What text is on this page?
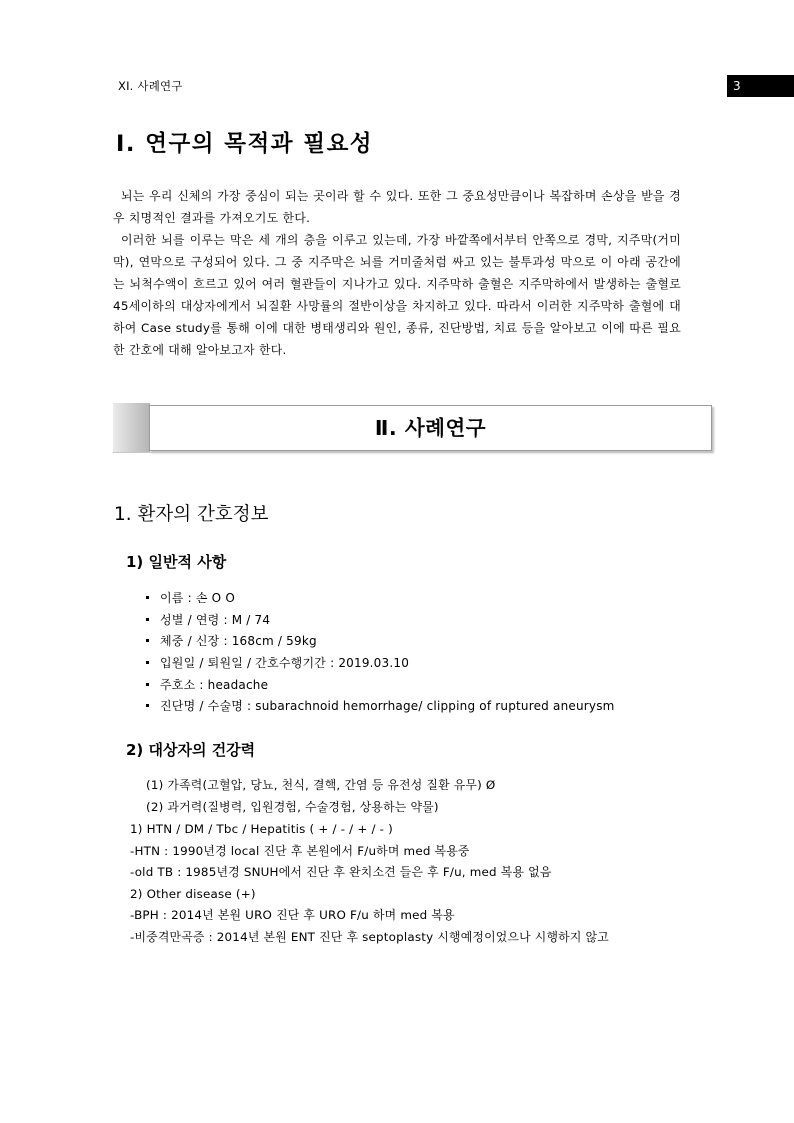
XI. 사례연구	3
Ⅰ. 연구의 목적과 필요성
뇌는 우리 신체의 가장 중심이 되는 곳이라 할 수 있다. 또한 그 중요성만큼이나 복잡하며 손상을 받을 경우 치명적인 결과를 가져오기도 한다.
이러한 뇌를 이루는 막은 세 개의 층을 이루고 있는데, 가장 바깥쪽에서부터 안쪽으로 경막, 지주막(거미막), 연막으로 구성되어 있다. 그 중 지주막은 뇌를 거미줄처럼 싸고 있는 불투과성 막으로 이 아래 공간에는 뇌척수액이 흐르고 있어 여러 혈관들이 지나가고 있다. 지주막하 출혈은 지주막하에서 발생하는 출혈로 45세이하의 대상자에게서 뇌질환 사망률의 절반이상을 차지하고 있다. 따라서 이러한 지주막하 출혈에 대하여 Case study를 통해 이에 대한 병태생리와 원인, 종류, 진단방법, 치료 등을 알아보고 이에 따른 필요한 간호에 대해 알아보고자 한다.
Ⅱ. 사례연구
1. 환자의 간호정보
1) 일반적 사항
이름 : 손 O O
성별 / 연령 : M / 74
체중 / 신장 : 168cm / 59kg
입원일 / 퇴원일 / 간호수행기간 : 2019.03.10
주호소 : headache
진단명 / 수술명 : subarachnoid hemorrhage/ clipping of ruptured aneurysm
2) 대상자의 건강력
(1) 가족력(고혈압, 당뇨, 천식, 결핵, 간염 등 유전성 질환 유무) Ø
(2) 과거력(질병력, 입원경험, 수술경험, 상용하는 약물)
1) HTN / DM / Tbc / Hepatitis ( + / - / + / - )
-HTN : 1990년경 local 진단 후 본원에서 F/u하며 med 복용중
-old TB : 1985년경 SNUH에서 진단 후 완치소견 들은 후 F/u, med 복용 없음
2) Other disease (+)
-BPH : 2014년 본원 URO 진단 후 URO F/u 하며 med 복용
-비중격만곡증 : 2014년 본원 ENT 진단 후 septoplasty 시행예정이었으나 시행하지 않고
